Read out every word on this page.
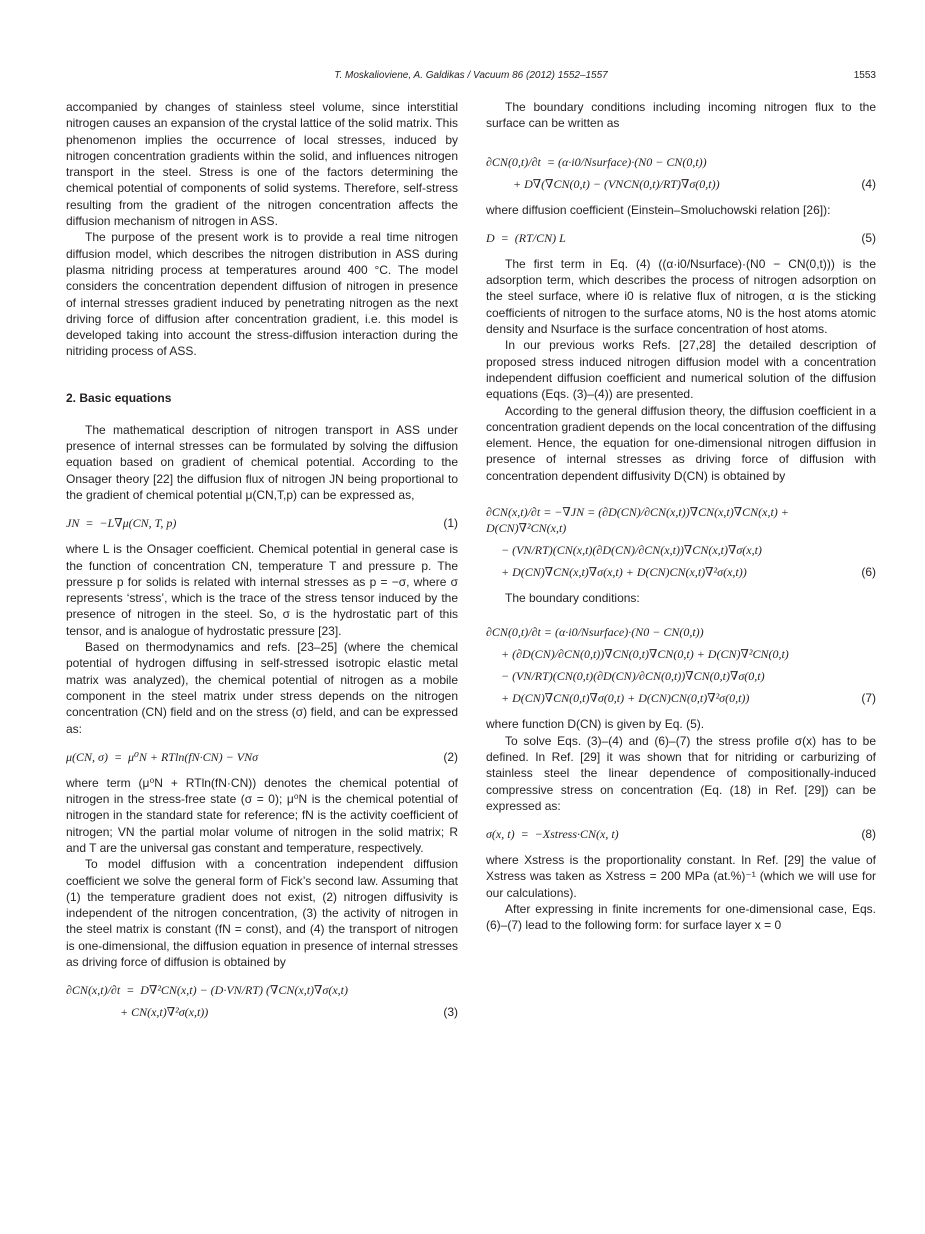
T. Moskalioviene, A. Galdikas / Vacuum 86 (2012) 1552–1557	1553

accompanied by changes of stainless steel volume, since interstitial nitrogen causes an expansion of the crystal lattice of the solid matrix. This phenomenon implies the occurrence of local stresses, induced by nitrogen concentration gradients within the solid, and influences nitrogen transport in the steel. Stress is one of the factors determining the chemical potential of components of solid systems. Therefore, self-stress resulting from the gradient of the nitrogen concentration affects the diffusion mechanism of nitrogen in ASS.

The purpose of the present work is to provide a real time nitrogen diffusion model, which describes the nitrogen distribution in ASS during plasma nitriding process at temperatures around 400 °C. The model considers the concentration dependent diffusion of nitrogen in presence of internal stresses gradient induced by penetrating nitrogen as the next driving force of diffusion after concentration gradient, i.e. this model is developed taking into account the stress-diffusion interaction during the nitriding process of ASS.

2. Basic equations

The mathematical description of nitrogen transport in ASS under presence of internal stresses can be formulated by solving the diffusion equation based on gradient of chemical potential. According to the Onsager theory [22] the diffusion flux of nitrogen JN being proportional to the gradient of chemical potential μ(CN,T,p) can be expressed as,

JN  =  −L∇μ(CN, T, p)	(1)

where L is the Onsager coefficient. Chemical potential in general case is the function of concentration CN, temperature T and pressure p. The pressure p for solids is related with internal stresses as p = −σ, where σ represents ‘stress’, which is the trace of the stress tensor induced by the presence of nitrogen in the steel. So, σ is the hydrostatic part of this tensor, and is analogue of hydrostatic pressure [23].

Based on thermodynamics and refs. [23–25] (where the chemical potential of hydrogen diffusing in self-stressed isotropic elastic metal matrix was analyzed), the chemical potential of nitrogen as a mobile component in the steel matrix under stress depends on the nitrogen concentration (CN) field and on the stress (σ) field, and can be expressed as:

μ(CN, σ)  =  μ⁰N + RTln(fN·CN) − VNσ	(2)

where term (μ⁰N + RTln(fN·CN)) denotes the chemical potential of nitrogen in the stress-free state (σ = 0); μ⁰N is the chemical potential of nitrogen in the standard state for reference; fN is the activity coefficient of nitrogen; VN the partial molar volume of nitrogen in the solid matrix; R and T are the universal gas constant and temperature, respectively.

To model diffusion with a concentration independent diffusion coefficient we solve the general form of Fick’s second law. Assuming that (1) the temperature gradient does not exist, (2) nitrogen diffusivity is independent of the nitrogen concentration, (3) the activity of nitrogen in the steel matrix is constant (fN = const), and (4) the transport of nitrogen is one-dimensional, the diffusion equation in presence of internal stresses as driving force of diffusion is obtained by

∂CN(x,t)/∂t  =  D∇²CN(x,t) − (D·VN/RT) (∇CN(x,t)∇σ(x,t)
+ CN(x,t)∇²σ(x,t))	(3)

The boundary conditions including incoming nitrogen flux to the surface can be written as

∂CN(0,t)/∂t  = (α·i0/Nsurface)·(N0 − CN(0,t))
+ D∇(∇CN(0,t) − (VNCN(0,t)/RT)∇σ(0,t))	(4)

where diffusion coefficient (Einstein–Smoluchowski relation [26]):

D  =  (RT/CN) L	(5)

The first term in Eq. (4) ((α·i0/Nsurface)·(N0 − CN(0,t))) is the adsorption term, which describes the process of nitrogen adsorption on the steel surface, where i0 is relative flux of nitrogen, α is the sticking coefficients of nitrogen to the surface atoms, N0 is the host atoms atomic density and Nsurface is the surface concentration of host atoms.

In our previous works Refs. [27,28] the detailed description of proposed stress induced nitrogen diffusion model with a concentration independent diffusion coefficient and numerical solution of the diffusion equations (Eqs. (3)–(4)) are presented.

According to the general diffusion theory, the diffusion coefficient in a concentration gradient depends on the local concentration of the diffusing element. Hence, the equation for one-dimensional nitrogen diffusion in presence of internal stresses as driving force of diffusion with concentration dependent diffusivity D(CN) is obtained by

∂CN(x,t)/∂t = −∇JN = (∂D(CN)/∂CN(x,t))∇CN(x,t)∇CN(x,t) + D(CN)∇²CN(x,t)
− (VN/RT)(CN(x,t)(∂D(CN)/∂CN(x,t))∇CN(x,t)∇σ(x,t)
+ D(CN)∇CN(x,t)∇σ(x,t) + D(CN)CN(x,t)∇²σ(x,t))	(6)

The boundary conditions:

∂CN(0,t)/∂t = (α·i0/Nsurface)·(N0 − CN(0,t))
+ (∂D(CN)/∂CN(0,t))∇CN(0,t)∇CN(0,t) + D(CN)∇²CN(0,t)
− (VN/RT)(CN(0,t)(∂D(CN)/∂CN(0,t))∇CN(0,t)∇σ(0,t)
+ D(CN)∇CN(0,t)∇σ(0,t) + D(CN)CN(0,t)∇²σ(0,t))	(7)

where function D(CN) is given by Eq. (5).

To solve Eqs. (3)–(4) and (6)–(7) the stress profile σ(x) has to be defined. In Ref. [29] it was shown that for nitriding or carburizing of stainless steel the linear dependence of compositionally-induced compressive stress on concentration (Eq. (18) in Ref. [29]) can be expressed as:

σ(x, t)  =  −Xstress·CN(x, t)	(8)

where Xstress is the proportionality constant. In Ref. [29] the value of Xstress was taken as Xstress = 200 MPa (at.%)⁻¹ (which we will use for our calculations).

After expressing in finite increments for one-dimensional case, Eqs. (6)–(7) lead to the following form: for surface layer x = 0
